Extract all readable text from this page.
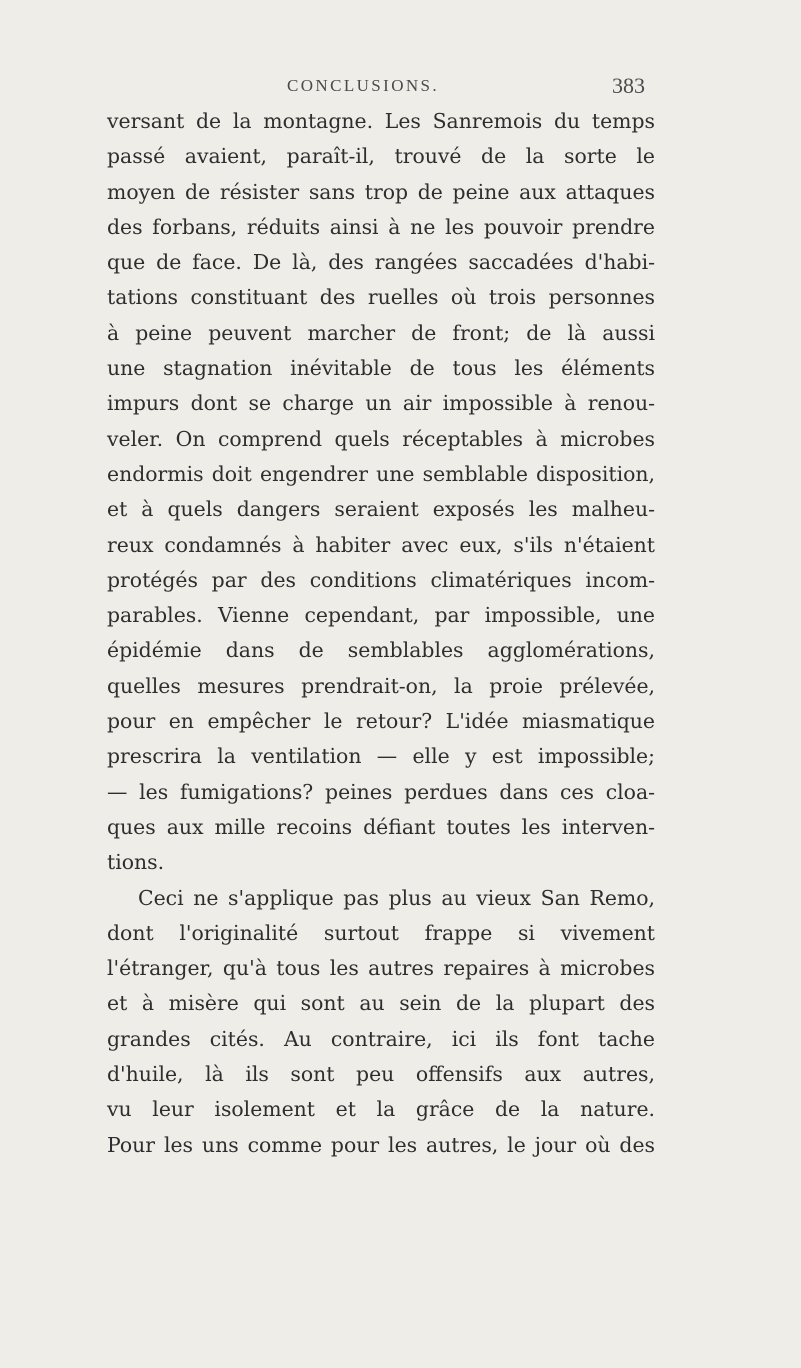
CONCLUSIONS.	383
versant de la montagne. Les Sanremois du temps
passé avaient, paraît-il, trouvé de la sorte le
moyen de résister sans trop de peine aux attaques
des forbans, réduits ainsi à ne les pouvoir prendre
que de face. De là, des rangées saccadées d'habi-
tations constituant des ruelles où trois personnes
à peine peuvent marcher de front; de là aussi
une stagnation inévitable de tous les éléments
impurs dont se charge un air impossible à renou-
veler. On comprend quels réceptables à microbes
endormis doit engendrer une semblable disposition,
et à quels dangers seraient exposés les malheu-
reux condamnés à habiter avec eux, s'ils n'étaient
protégés par des conditions climatériques incom-
parables. Vienne cependant, par impossible, une
épidémie dans de semblables agglomérations,
quelles mesures prendrait-on, la proie prélevée,
pour en empêcher le retour? L'idée miasmatique
prescrira la ventilation — elle y est impossible;
— les fumigations? peines perdues dans ces cloa-
ques aux mille recoins défiant toutes les interven-
tions.
Ceci ne s'applique pas plus au vieux San Remo,
dont l'originalité surtout frappe si vivement
l'étranger, qu'à tous les autres repaires à microbes
et à misère qui sont au sein de la plupart des
grandes cités. Au contraire, ici ils font tache
d'huile, là ils sont peu offensifs aux autres,
vu leur isolement et la grâce de la nature.
Pour les uns comme pour les autres, le jour où des
